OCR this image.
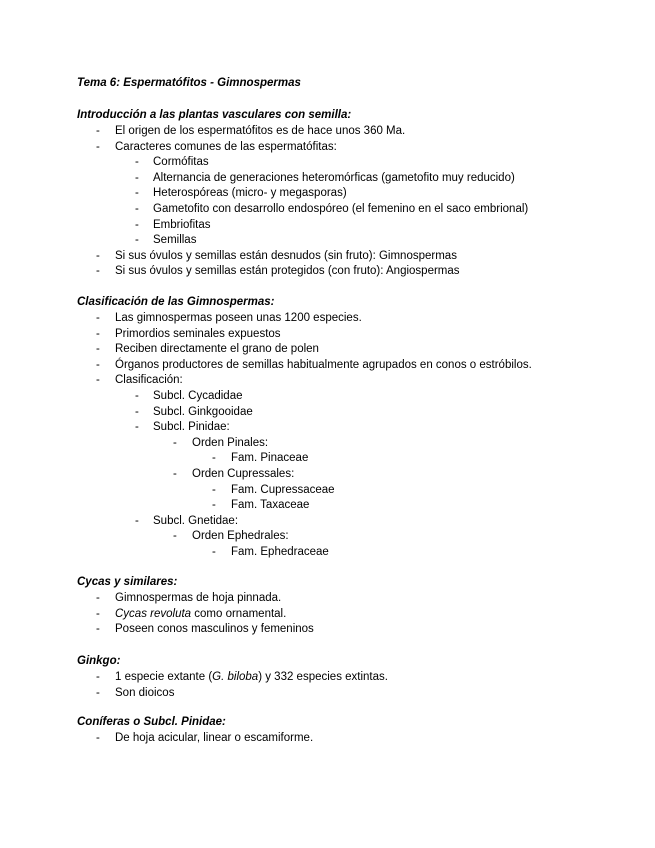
Tema 6: Espermatófitos - Gimnospermas
Introducción a las plantas vasculares con semilla:
- El origen de los espermatófitos es de hace unos 360 Ma.
- Caracteres comunes de las espermatófitas:
- Cormófitas
- Alternancia de generaciones heteromórficas (gametofito muy reducido)
- Heterospóreas (micro- y megasporas)
- Gametofito con desarrollo endospóreo (el femenino en el saco embrional)
- Embriofitas
- Semillas
- Si sus óvulos y semillas están desnudos (sin fruto): Gimnospermas
- Si sus óvulos y semillas están protegidos (con fruto): Angiospermas
Clasificación de las Gimnospermas:
- Las gimnospermas poseen unas 1200 especies.
- Primordios seminales expuestos
- Reciben directamente el grano de polen
- Órganos productores de semillas habitualmente agrupados en conos o estróbilos.
- Clasificación:
- Subcl. Cycadidae
- Subcl. Ginkgooidae
- Subcl. Pinidae:
- Orden Pinales:
- Fam. Pinaceae
- Orden Cupressales:
- Fam. Cupressaceae
- Fam. Taxaceae
- Subcl. Gnetidae:
- Orden Ephedrales:
- Fam. Ephedraceae
Cycas y similares:
- Gimnospermas de hoja pinnada.
- Cycas revoluta como ornamental.
- Poseen conos masculinos y femeninos
Ginkgo:
- 1 especie extante (G. biloba) y 332 especies extintas.
- Son dioicos
Coníferas o Subcl. Pinidae:
- De hoja acicular, linear o escamiforme.
